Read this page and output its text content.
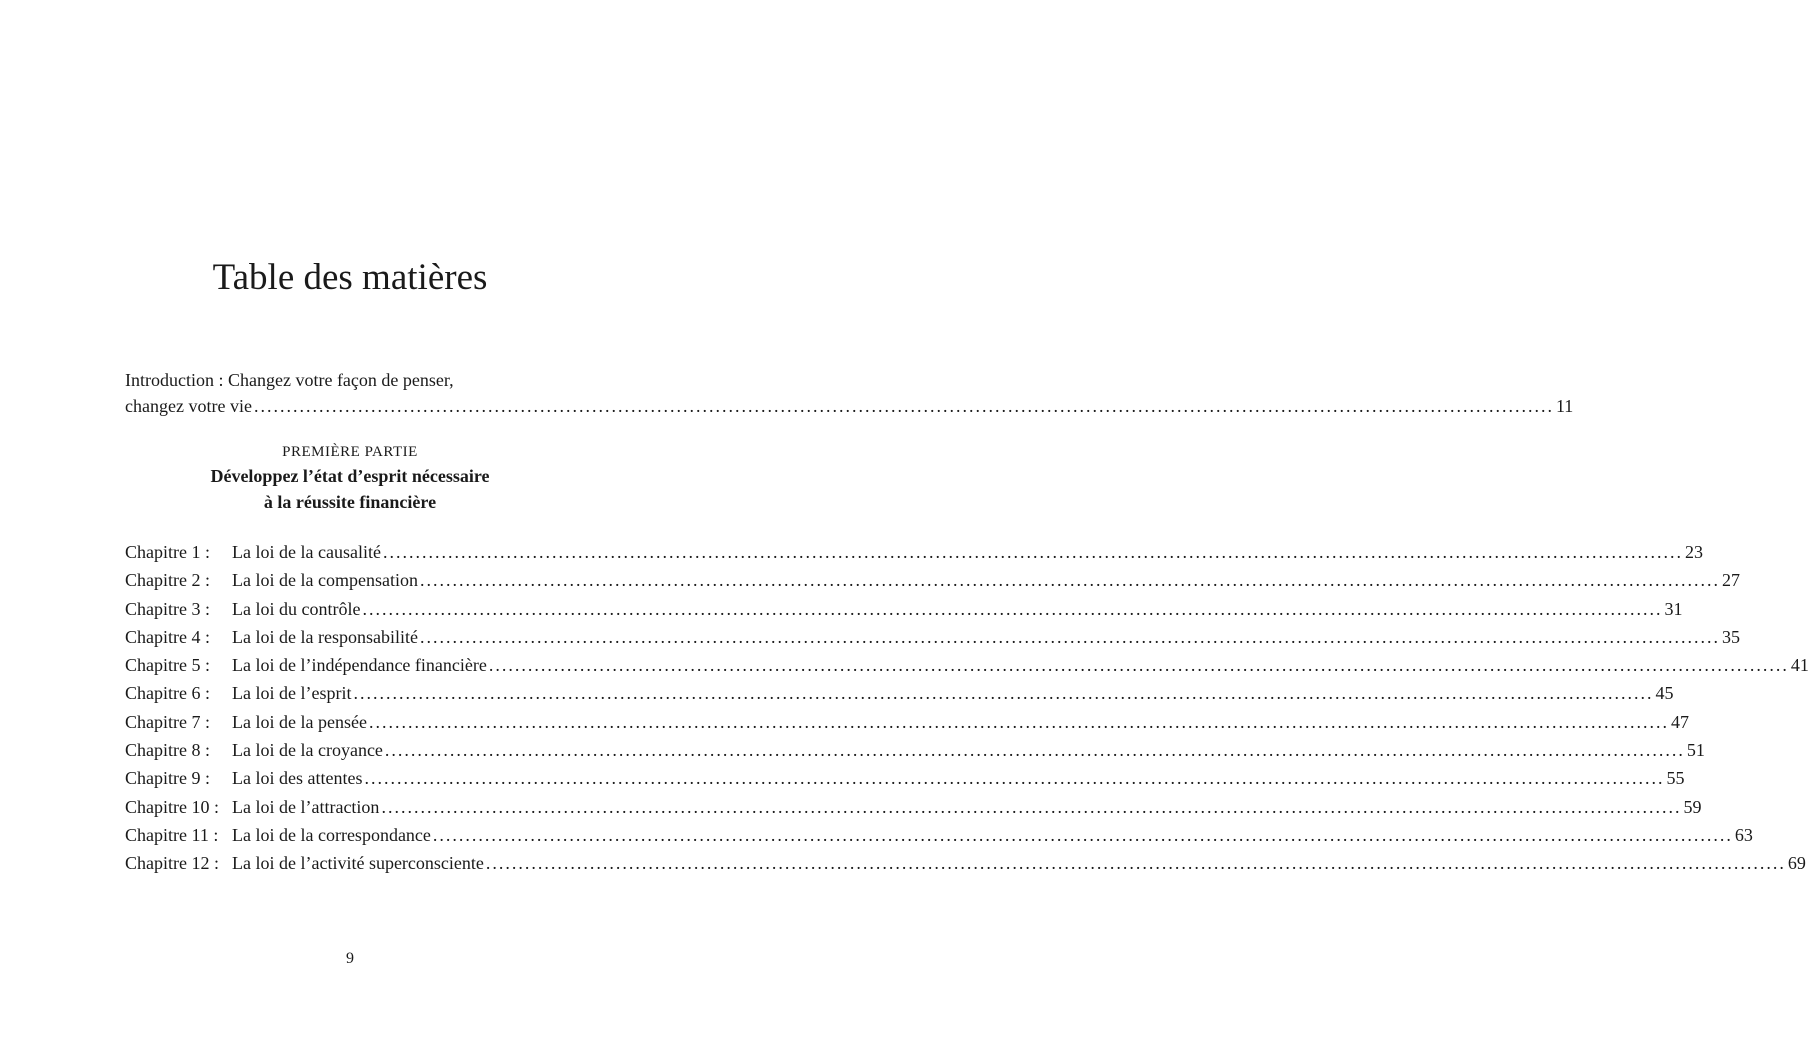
Table des matières
Introduction : Changez votre façon de penser,
changez votre vie ........................................................................................................................................................................................................ 11
PREMIÈRE PARTIE
Développez l’état d’esprit nécessaire
à la réussite financière
Chapitre 1 :	La loi de la causalité ........................................................................................................................................................................................................ 23
Chapitre 2 :	La loi de la compensation ........................................................................................................................................................................................................ 27
Chapitre 3 :	La loi du contrôle ........................................................................................................................................................................................................ 31
Chapitre 4 :	La loi de la responsabilité ........................................................................................................................................................................................................ 35
Chapitre 5 :	La loi de l’indépendance financière ........................................................................................................................................................................................................ 41
Chapitre 6 :	La loi de l’esprit ........................................................................................................................................................................................................ 45
Chapitre 7 :	La loi de la pensée ........................................................................................................................................................................................................ 47
Chapitre 8 :	La loi de la croyance ........................................................................................................................................................................................................ 51
Chapitre 9 :	La loi des attentes ........................................................................................................................................................................................................ 55
Chapitre 10 : La loi de l’attraction ........................................................................................................................................................................................................ 59
Chapitre 11 : La loi de la correspondance ........................................................................................................................................................................................................ 63
Chapitre 12 : La loi de l’activité superconsciente ........................................................................................................................................................................................................ 69
9
